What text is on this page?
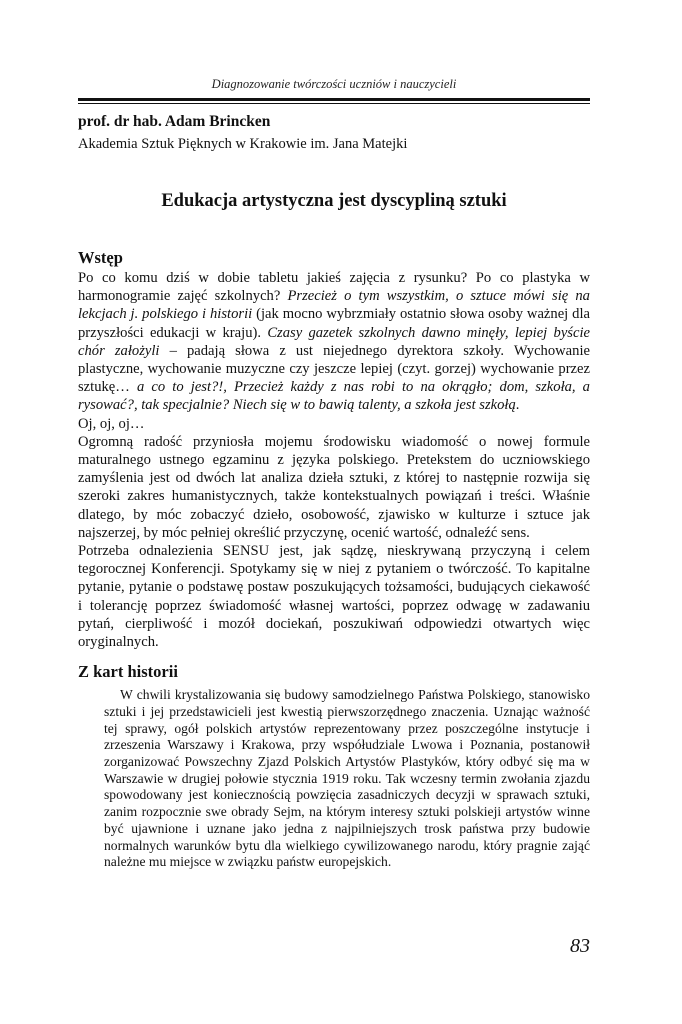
Diagnozowanie twórczości uczniów i nauczycieli

prof. dr hab. Adam Brincken

Akademia Sztuk Pięknych w Krakowie im. Jana Matejki

Edukacja artystyczna jest dyscypliną sztuki
Wstęp

Po co komu dziś w dobie tabletu jakieś zajęcia z rysunku? Po co plastyka w harmonogramie zajęć szkolnych? Przecież o tym wszystkim, o sztuce mówi się na lekcjach j. polskiego i historii (jak mocno wybrzmiały ostatnio słowa osoby ważnej dla przyszłości edukacji w kraju). Czasy gazetek szkolnych dawno minęły, lepiej byście chór założyli – padają słowa z ust niejednego dyrektora szkoły. Wychowanie plastyczne, wychowanie muzyczne czy jeszcze lepiej (czyt. gorzej) wychowanie przez sztukę… a co to jest?!, Przecież każdy z nas robi to na okrągło; dom, szkoła, a rysować?, tak specjalnie? Niech się w to bawią talenty, a szkoła jest szkołą.

Oj, oj, oj…

Ogromną radość przyniosła mojemu środowisku wiadomość o nowej formule maturalnego ustnego egzaminu z języka polskiego. Pretekstem do uczniowskiego zamyślenia jest od dwóch lat analiza dzieła sztuki, z której to następnie rozwija się szeroki zakres humanistycznych, także kontekstualnych powiązań i treści. Właśnie dlatego, by móc zobaczyć dzieło, osobowość, zjawisko w kulturze i sztuce jak najszerzej, by móc pełniej określić przyczynę, ocenić wartość, odnaleźć sens.

Potrzeba odnalezienia SENSU jest, jak sądzę, nieskrywaną przyczyną i celem tegorocznej Konferencji. Spotykamy się w niej z pytaniem o twórczość. To kapitalne pytanie, pytanie o podstawę postaw poszukujących tożsamości, budujących ciekawość i tolerancję poprzez świadomość własnej wartości, poprzez odwagę w zadawaniu pytań, cierpliwość i mozół dociekań, poszukiwań odpowiedzi otwartych więc oryginalnych.

Z kart historii

W chwili krystalizowania się budowy samodzielnego Państwa Polskiego, stanowisko sztuki i jej przedstawicieli jest kwestią pierwszorzędnego znaczenia. Uznając ważność tej sprawy, ogół polskich artystów reprezentowany przez poszczególne instytucje i zrzeszenia Warszawy i Krakowa, przy współudziale Lwowa i Poznania, postanowił zorganizować Powszechny Zjazd Polskich Artystów Plastyków, który odbyć się ma w Warszawie w drugiej połowie stycznia 1919 roku. Tak wczesny termin zwołania zjazdu spowodowany jest koniecznością powzięcia zasadniczych decyzji w sprawach sztuki, zanim rozpocznie swe obrady Sejm, na którym interesy sztuki polskieji artystów winne być ujawnione i uznane jako jedna z najpilniejszych trosk państwa przy budowie normalnych warunków bytu dla wielkiego cywilizowanego narodu, który pragnie zająć należne mu miejsce w związku państw europejskich.

83
